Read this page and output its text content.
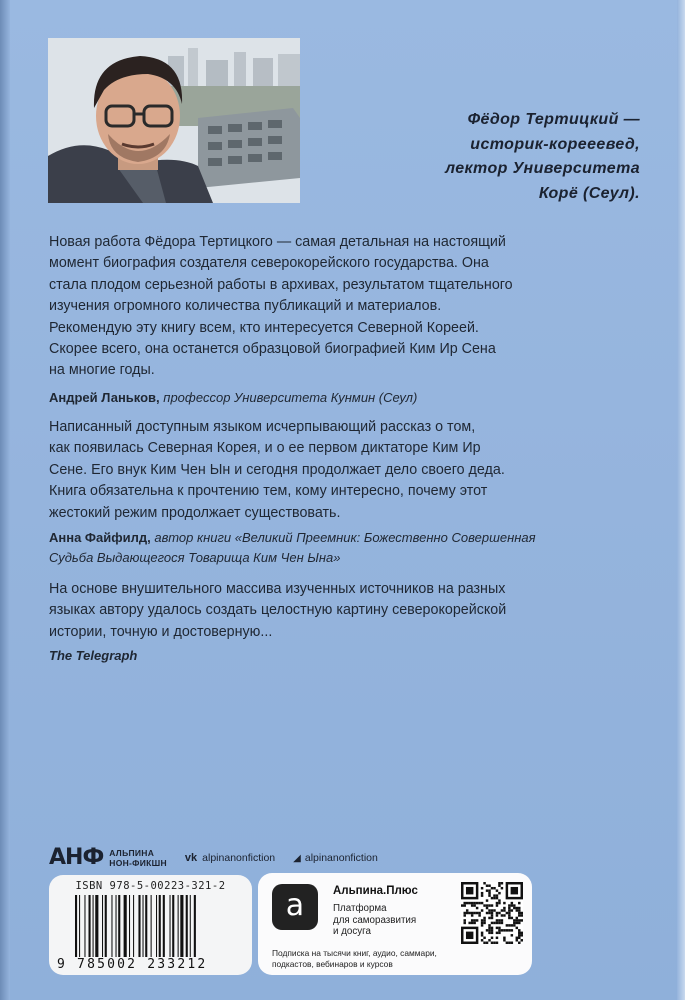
Фёдор Тертицкий —
историк-корееевед,
лектор Университета
Корё (Сеул).
Новая работа Фёдора Тертицкого — самая детальная на настоящий
момент биография создателя северокорейского государства. Она
стала плодом серьезной работы в архивах, результатом тщательного
изучения огромного количества публикаций и материалов.
Рекомендую эту книгу всем, кто интересуется Северной Кореей.
Скорее всего, она останется образцовой биографией Ким Ир Сена
на многие годы.
Андрей Ланьков, профессор Университета Кунмин (Сеул)
Написанный доступным языком исчерпывающий рассказ о том,
как появилась Северная Корея, и о ее первом диктаторе Ким Ир
Сене. Его внук Ким Чен Ын и сегодня продолжает дело своего деда.
Книга обязательна к прочтению тем, кому интересно, почему этот
жестокий режим продолжает существовать.
Анна Файфилд, автор книги «Великий Преемник: Божественно Совершенная
Судьба Выдающегося Товарища Ким Чен Ына»
На основе внушительного массива изученных источников на разных
языках автору удалось создать целостную картину северокорейской
истории, точную и достоверную...
The Telegraph
АНФ АЛЬПИНА
НОН-ФИКШН vk alpinanonfiction ◢ alpinanonfiction
ISBN 978-5-00223-321-2
9 785002 233212
a	Альпина.Плюс
Платформа
для саморазвития
и досуга
Подписка на тысячи книг, аудио, саммари,
подкастов, вебинаров и курсов
